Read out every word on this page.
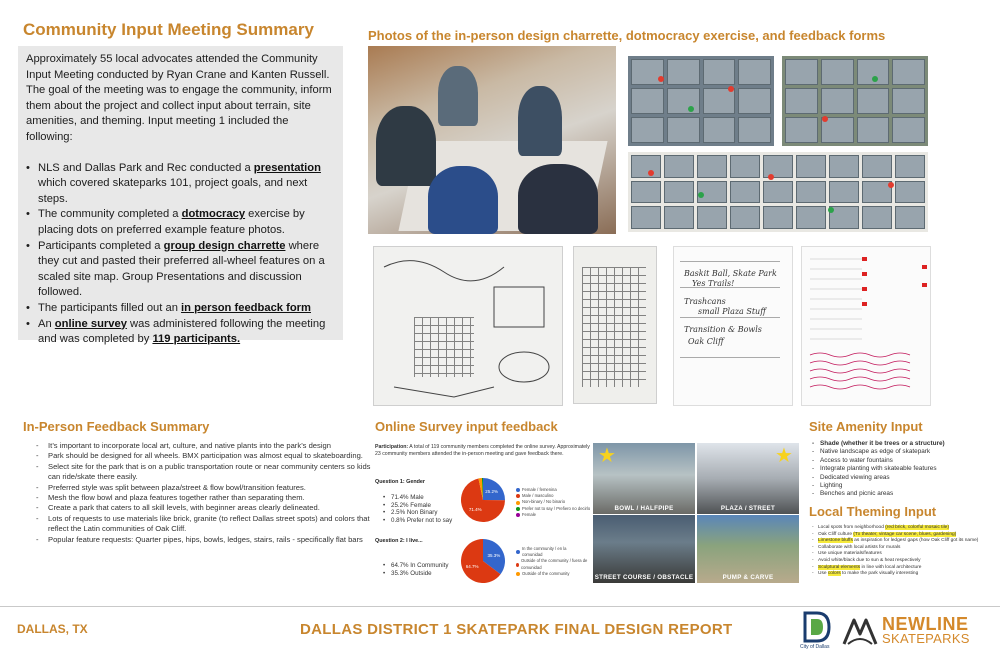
Community Input Meeting Summary

Approximately 55 local advocates attended the Community Input Meeting conducted by Ryan Crane and Kanten Russell. The goal of the meeting was to engage the community, inform them about the project and collect input about terrain, site amenities, and theming. Input meeting 1 included the following:

• NLS and Dallas Park and Rec conducted a presentation which covered skateparks 101, project goals, and next steps.
• The community completed a dotmocracy exercise by placing dots on preferred example feature photos.
• Participants completed a group design charrette where they cut and pasted their preferred all-wheel features on a scaled site map. Group Presentations and discussion followed.
• The participants filled out an in person feedback form
• An online survey was administered following the meeting and was completed by 119 participants.
Photos of the in-person design charrette, dotmocracy exercise, and feedback forms
Baskit Ball, Skate Park
Yes Trails!
Trashcans
small Plaza Stuff
Transition & Bowls
Oak Cliff
In-Person Feedback Summary
- It’s important to incorporate local art, culture, and native plants into the park’s design
- Park should be designed for all wheels. BMX participation was almost equal to skateboarding.
- Select site for the park that is on a public transportation route or near community centers so kids can ride/skate there easily.
- Preferred style was split between plaza/street & flow bowl/transition features.
- Mesh the flow bowl and plaza features together rather than separating them.
- Create a park that caters to all skill levels, with beginner areas clearly delineated.
- Lots of requests to use materials like brick, granite (to reflect Dallas street spots) and colors that reflect the Latin communities of Oak Cliff.
- Popular feature requests: Quarter pipes, hips, bowls, ledges, stairs, rails - specifically flat bars
Online Survey input feedback
Participation: A total of 119 community members completed the online survey. Approximately 23 community members attended the in-person meeting and gave feedback there.
Question 1: Gender
• 71.4% Male
• 25.2% Female
• 2.5% Non Binary
• 0.8% Prefer not to say
25.2%
71.4%
Female / femenina
Male / masculino
Non-binary / No binario
Prefer not to say / Prefiero no decirlo
Female
Question 2: I live...
• 64.7% In Community
• 35.3% Outside
35.3%
64.7%
In the community / en la comunidad
Outside of the community / fuera de comunidad
Outside of the community
★
BOWL / HALFPIPE
★
PLAZA / STREET
STREET COURSE / OBSTACLE	PUMP & CARVE
Site Amenity Input
- Shade (whether it be trees or a structure)
- Native landscape as edge of skatepark
- Access to water fountains
- Integrate planting with skateable features
- Dedicated viewing areas
- Lighting
- Benches and picnic areas
Local Theming Input
- Local spots from neighborhood (red brick, colorful mosaic tile)
- Oak Cliff culture (Tx theater, vintage car scene, blues, gardening)
- Limestone bluffs as inspiration for ledges/ gaps (how Oak Cliff got its name)
- Collaborate with local artists for murals
- Use unique materials/features
- Avoid white/black due to sun & heat respectively
- Sculptural elements in line with local architecture
- Use colors to make the park visually interesting
DALLAS, TX	DALLAS DISTRICT 1 SKATEPARK FINAL DESIGN REPORT
City of Dallas
NEWLINE
SKATEPARKS
